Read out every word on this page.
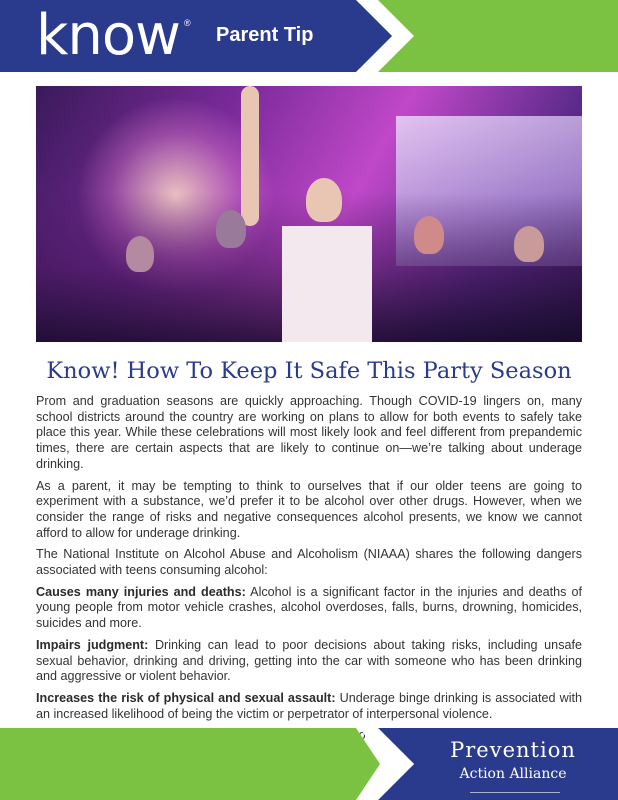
know ®
Parent Tip
Know! How To Keep It Safe This Party Season

Prom and graduation seasons are quickly approaching. Though COVID-19 lingers on, many school districts around the country are working on plans to allow for both events to safely take place this year. While these celebrations will most likely look and feel different from prepandemic times, there are certain aspects that are likely to continue on—we’re talking about underage drinking.

As a parent, it may be tempting to think to ourselves that if our older teens are going to experiment with a substance, we’d prefer it to be alcohol over other drugs. However, when we consider the range of risks and negative consequences alcohol presents, we know we cannot afford to allow for underage drinking.

The National Institute on Alcohol Abuse and Alcoholism (NIAAA) shares the following dangers associated with teens consuming alcohol:

Causes many injuries and deaths: Alcohol is a significant factor in the injuries and deaths of young people from motor vehicle crashes, alcohol overdoses, falls, burns, drowning, homicides, suicides and more.

Impairs judgment: Drinking can lead to poor decisions about taking risks, including unsafe sexual behavior, drinking and driving, getting into the car with someone who has been drinking and aggressive or violent behavior.

Increases the risk of physical and sexual assault: Underage binge drinking is associated with an increased likelihood of being the victim or perpetrator of interpersonal violence.

Prevention
Action Alliance
